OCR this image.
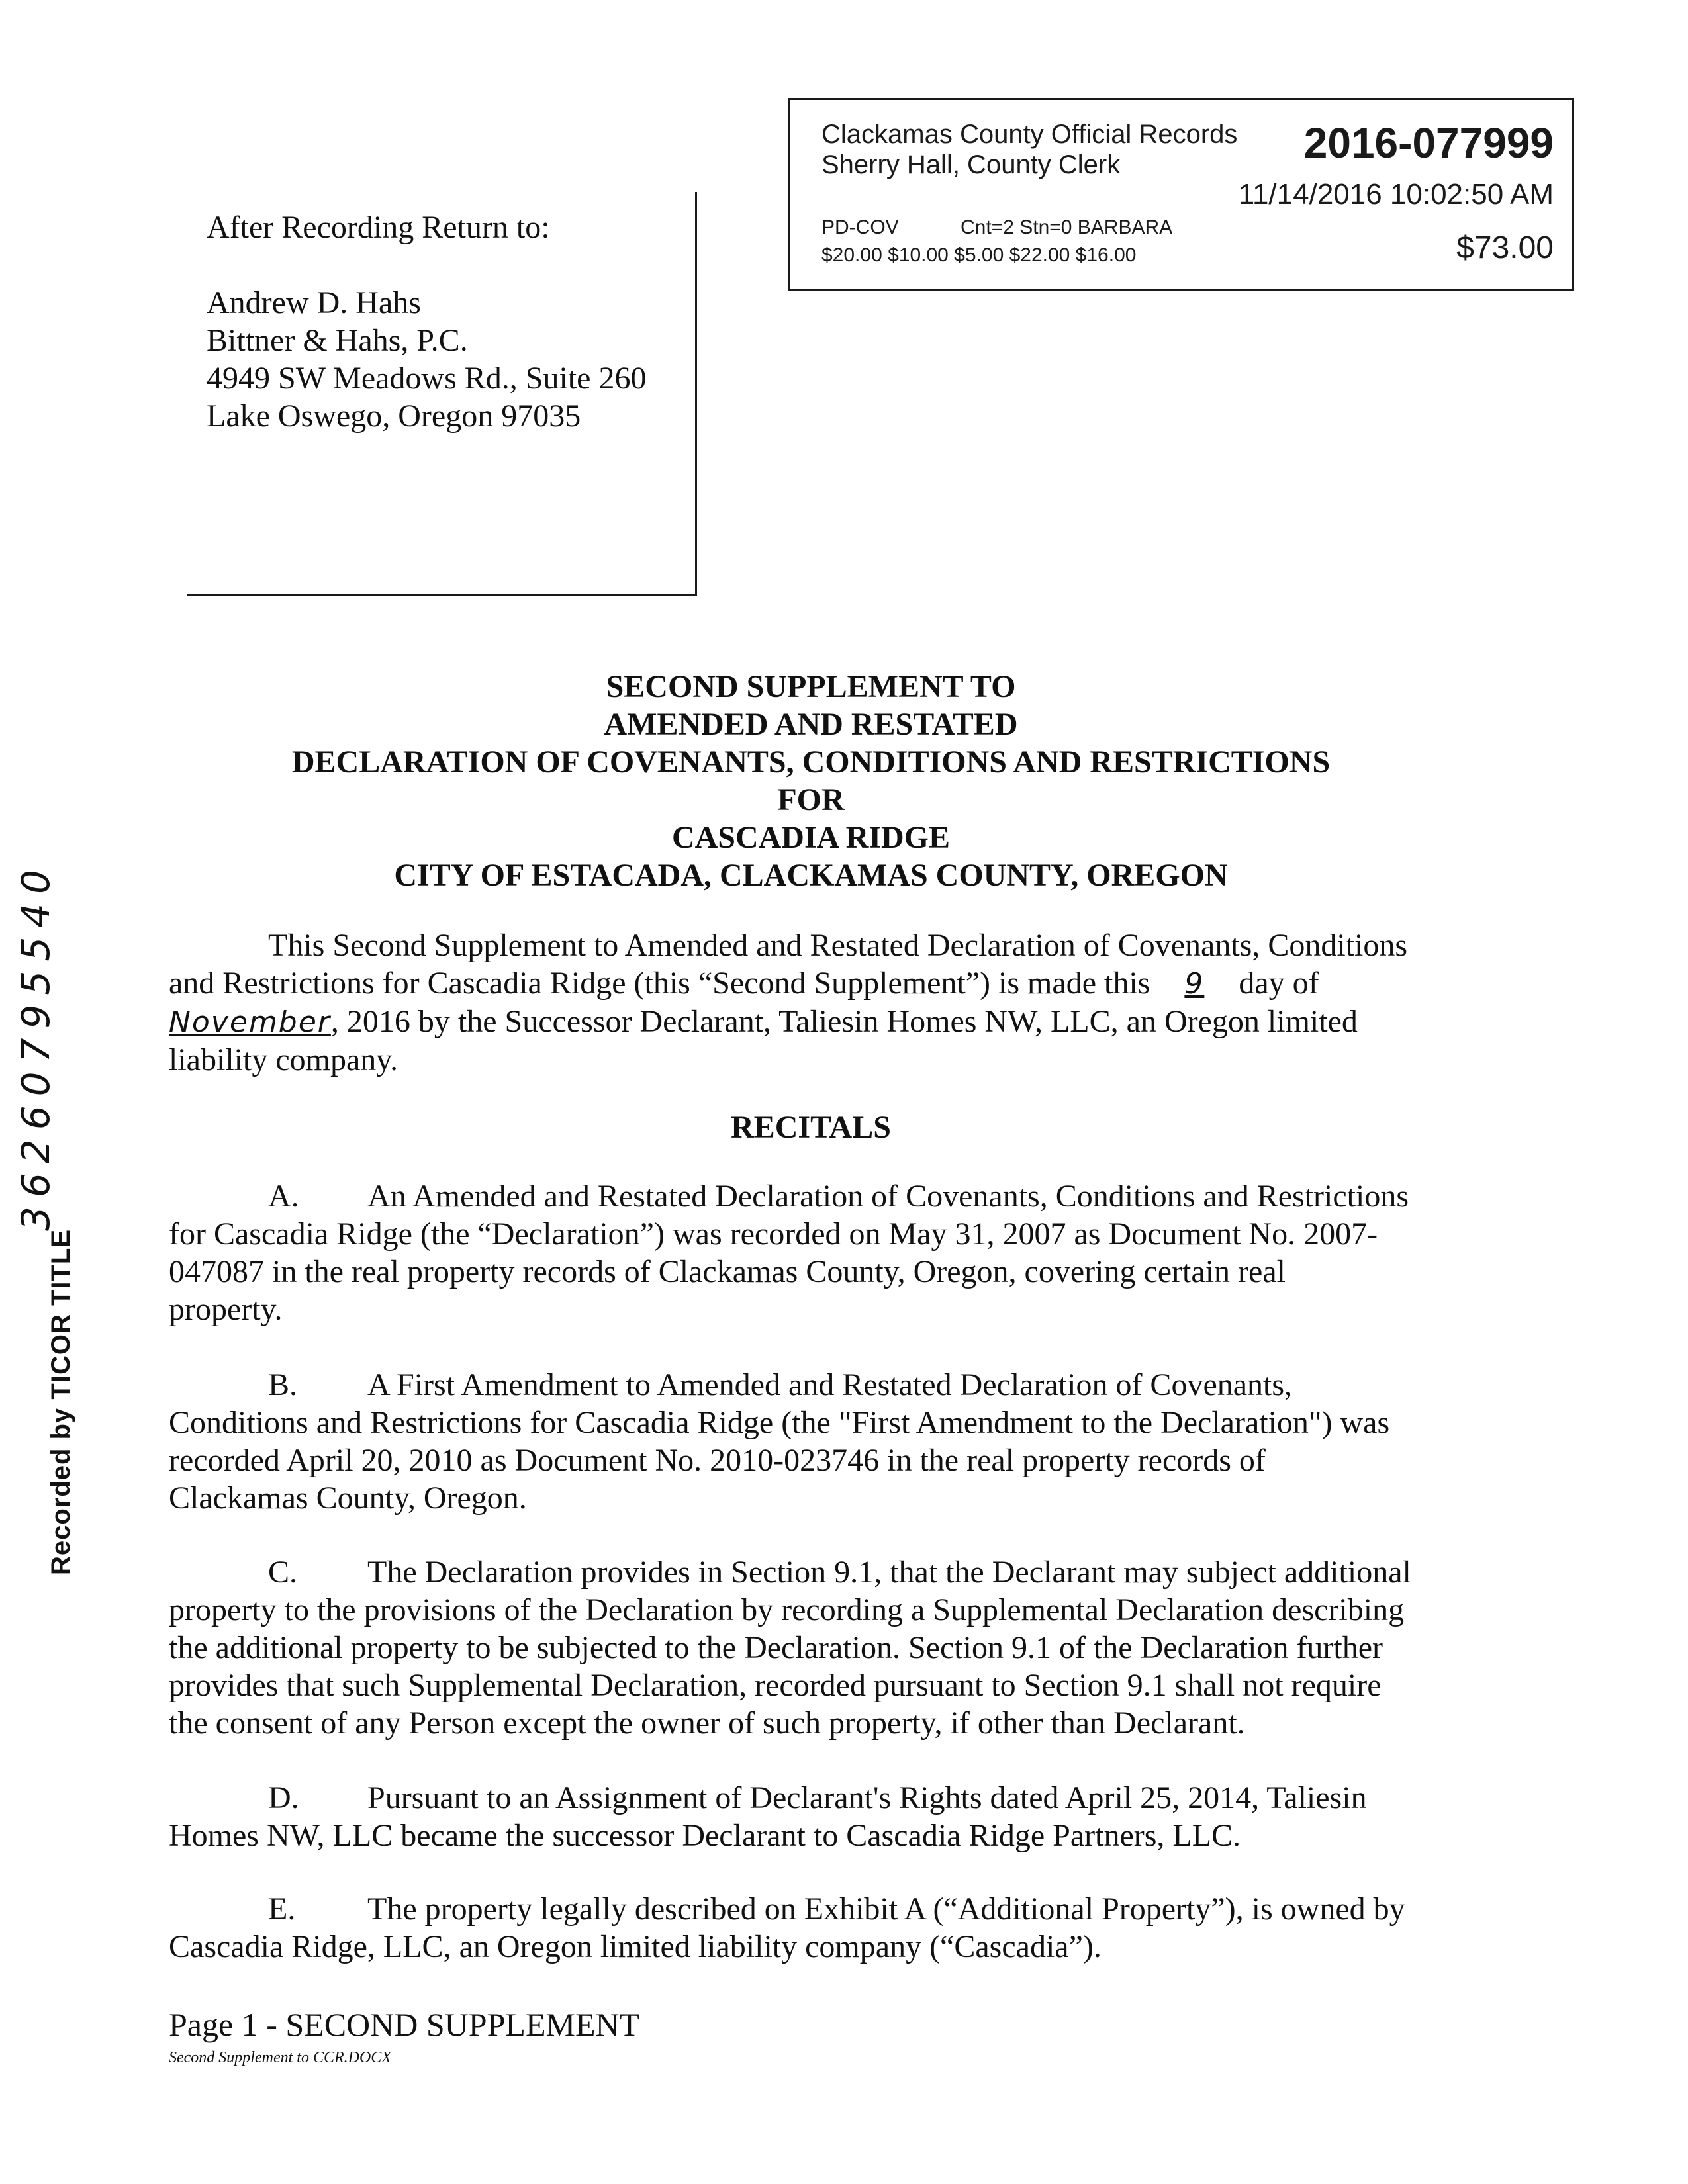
Clackamas County Official Records
Sherry Hall, County Clerk	2016-077999
11/14/2016 10:02:50 AM
PD-COV	Cnt=2 Stn=0 BARBARA
$20.00 $10.00 $5.00 $22.00 $16.00	$73.00
After Recording Return to:
Andrew D. Hahs
Bittner & Hahs, P.C.
4949 SW Meadows Rd., Suite 260
Lake Oswego, Oregon 97035
SECOND SUPPLEMENT TO
AMENDED AND RESTATED
DECLARATION OF COVENANTS, CONDITIONS AND RESTRICTIONS
FOR
CASCADIA RIDGE
CITY OF ESTACADA, CLACKAMAS COUNTY, OREGON
This Second Supplement to Amended and Restated Declaration of Covenants, Conditions
and Restrictions for Cascadia Ridge (this “Second Supplement”) is made this 9 day of
November, 2016 by the Successor Declarant, Taliesin Homes NW, LLC, an Oregon limited
liability company.
RECITALS
A. An Amended and Restated Declaration of Covenants, Conditions and Restrictions
for Cascadia Ridge (the “Declaration”) was recorded on May 31, 2007 as Document No. 2007-
047087 in the real property records of Clackamas County, Oregon, covering certain real
property.
B. A First Amendment to Amended and Restated Declaration of Covenants,
Conditions and Restrictions for Cascadia Ridge (the "First Amendment to the Declaration") was
recorded April 20, 2010 as Document No. 2010-023746 in the real property records of
Clackamas County, Oregon.
C. The Declaration provides in Section 9.1, that the Declarant may subject additional
property to the provisions of the Declaration by recording a Supplemental Declaration describing
the additional property to be subjected to the Declaration. Section 9.1 of the Declaration further
provides that such Supplemental Declaration, recorded pursuant to Section 9.1 shall not require
the consent of any Person except the owner of such property, if other than Declarant.
D. Pursuant to an Assignment of Declarant's Rights dated April 25, 2014, Taliesin
Homes NW, LLC became the successor Declarant to Cascadia Ridge Partners, LLC.
E. The property legally described on Exhibit A (“Additional Property”), is owned by
Cascadia Ridge, LLC, an Oregon limited liability company (“Cascadia”).
36260795540
Recorded by TICOR TITLE
Page 1 - SECOND SUPPLEMENT
Second Supplement to CCR.DOCX
